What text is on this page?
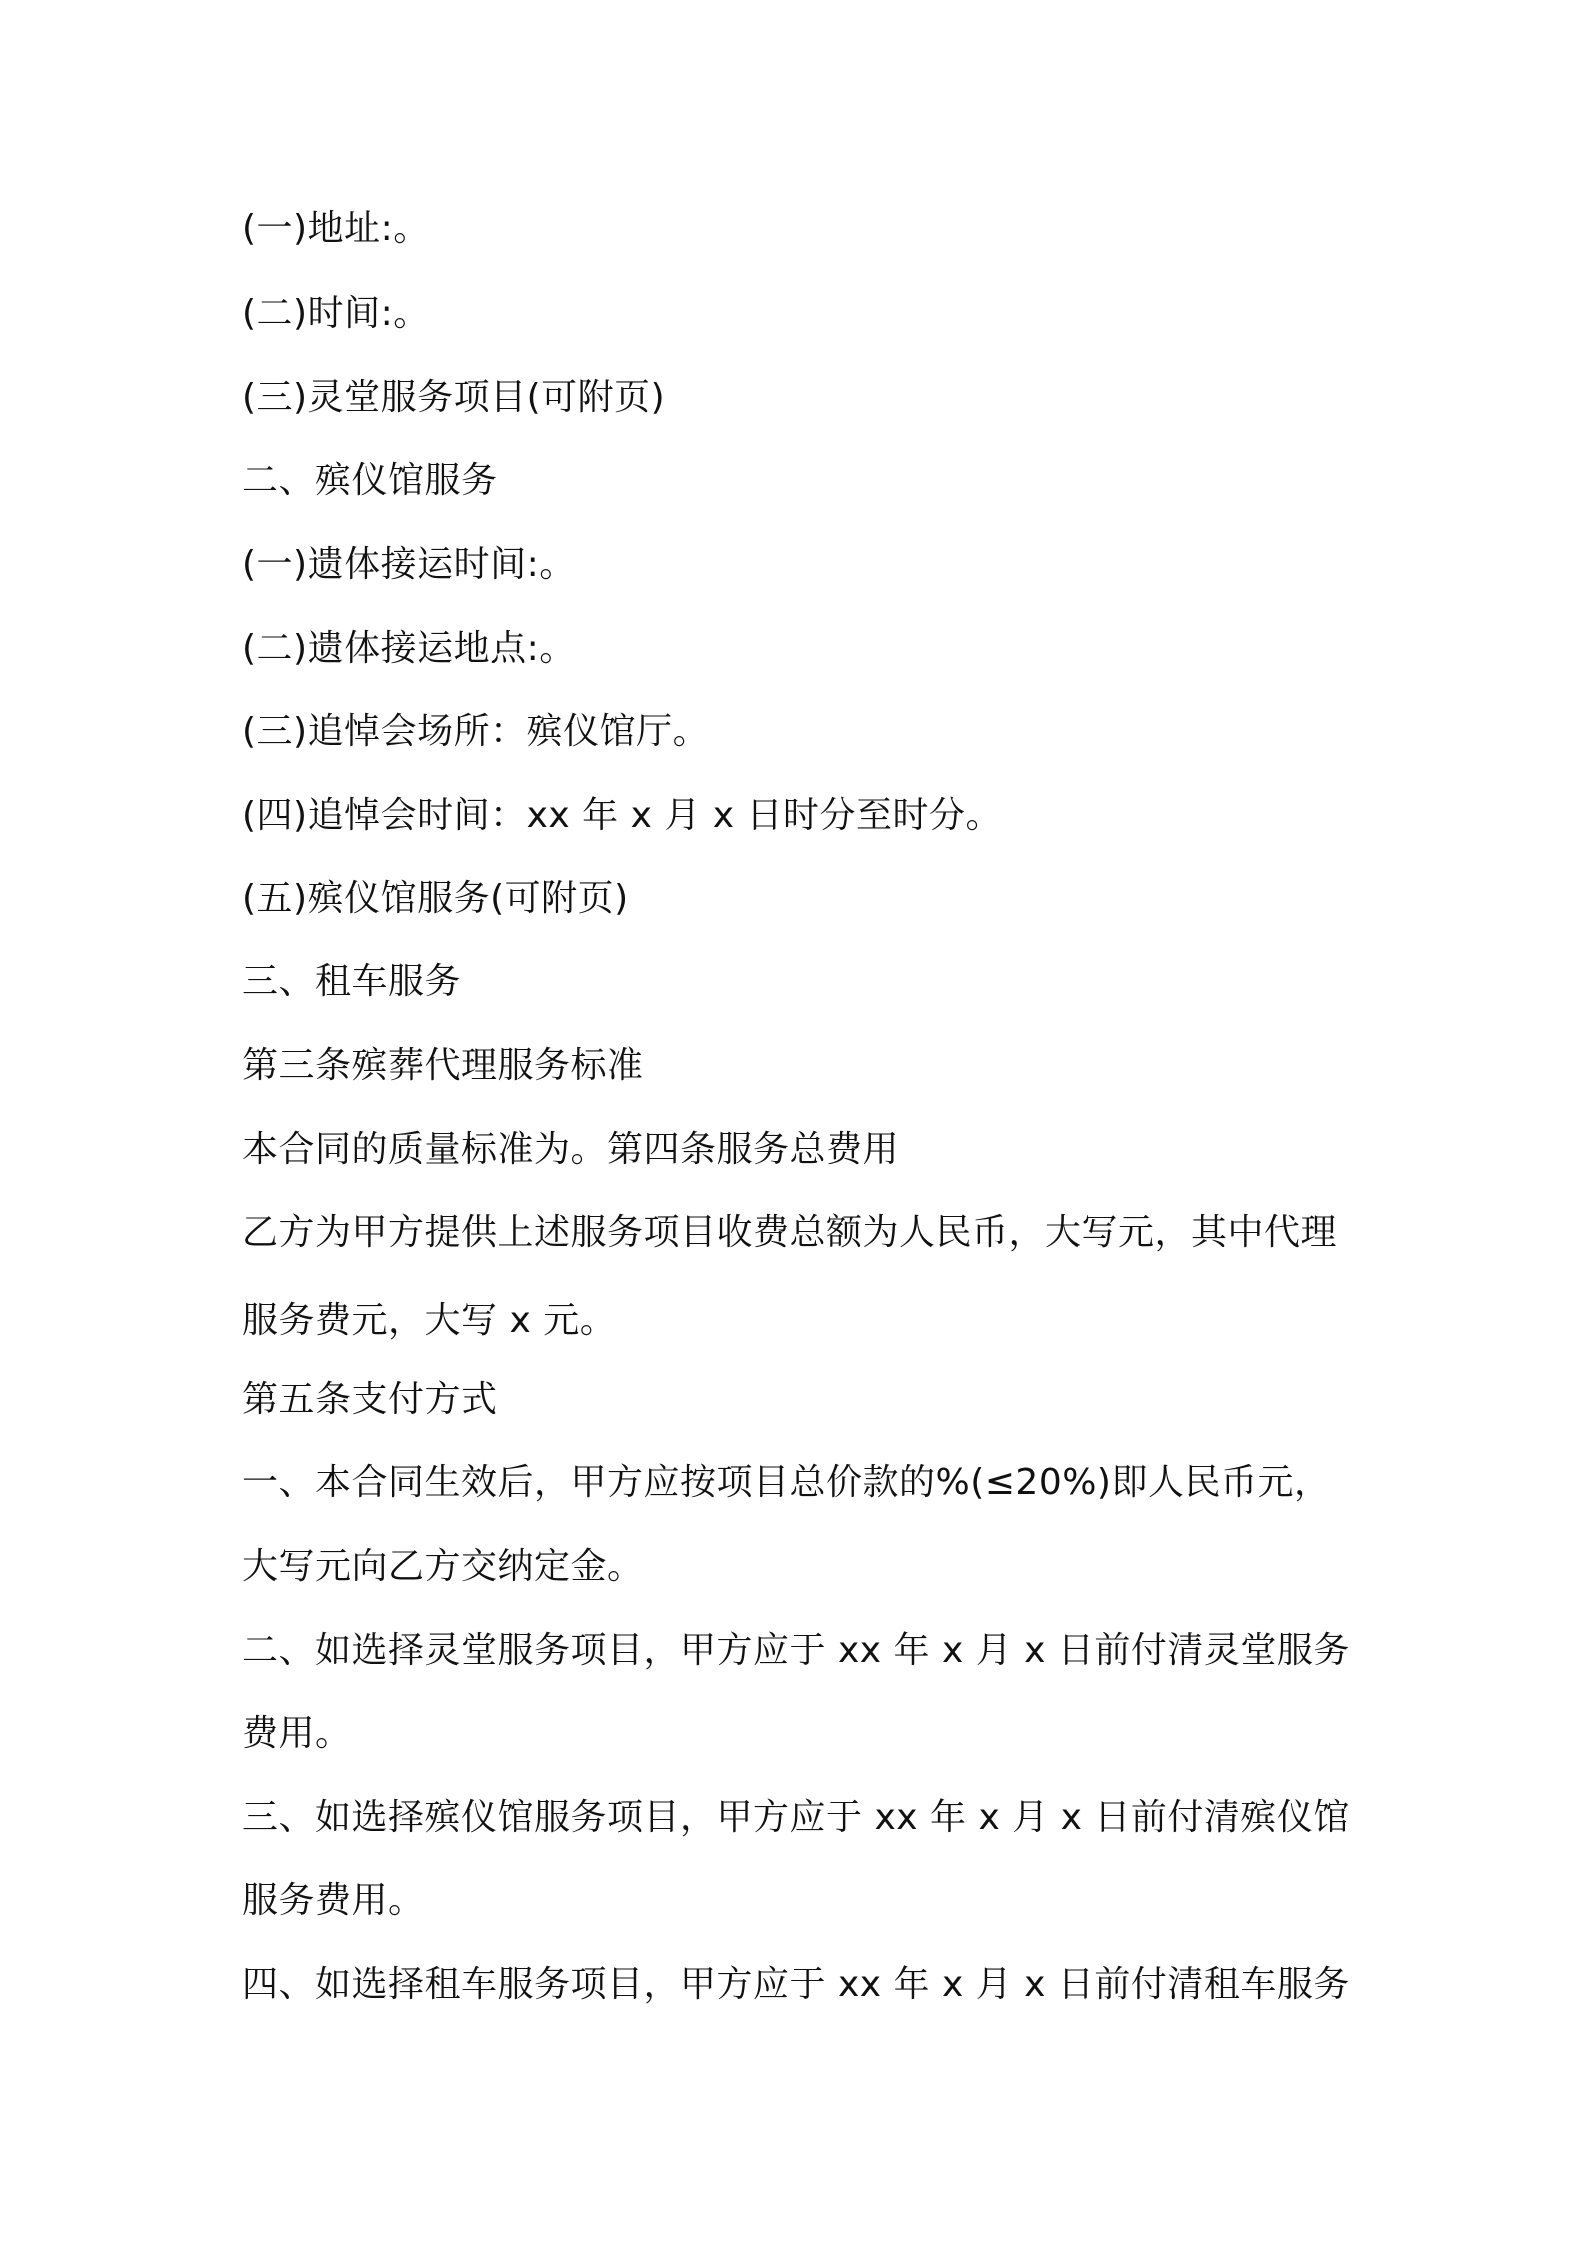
(一)地址:。
(二)时间:。
(三)灵堂服务项目(可附页)
二、殡仪馆服务
(一)遗体接运时间:。
(二)遗体接运地点:。
(三)追悼会场所：殡仪馆厅。
(四)追悼会时间：xx 年 x 月 x 日时分至时分。
(五)殡仪馆服务(可附页)
三、租车服务
第三条殡葬代理服务标准
本合同的质量标准为。第四条服务总费用
乙方为甲方提供上述服务项目收费总额为人民币，大写元，其中代理
服务费元，大写 x 元。
第五条支付方式
一、本合同生效后，甲方应按项目总价款的%(≤20%)即人民币元，
大写元向乙方交纳定金。
二、如选择灵堂服务项目，甲方应于 xx 年 x 月 x 日前付清灵堂服务
费用。
三、如选择殡仪馆服务项目，甲方应于 xx 年 x 月 x 日前付清殡仪馆
服务费用。
四、如选择租车服务项目，甲方应于 xx 年 x 月 x 日前付清租车服务
